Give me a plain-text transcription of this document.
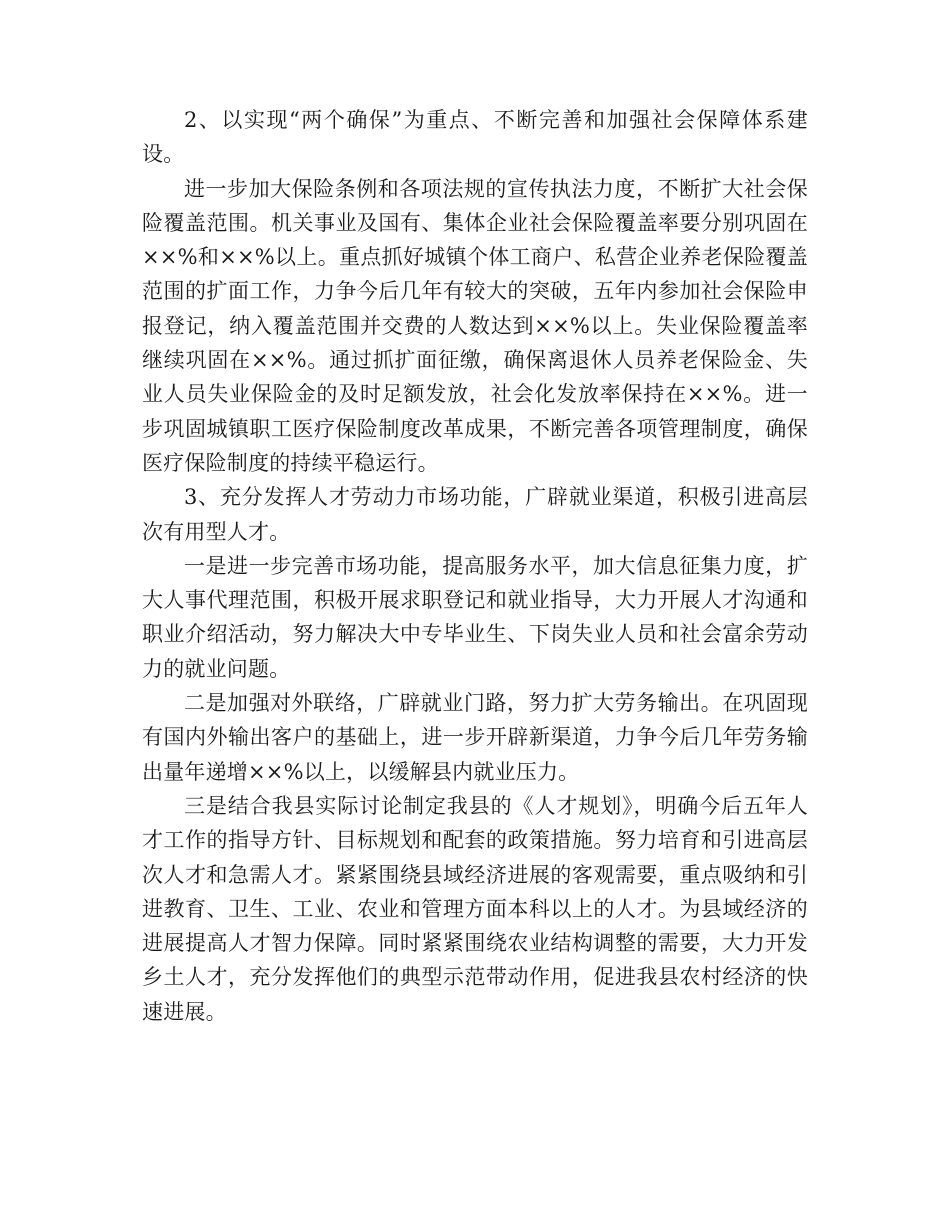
2、以实现“两个确保”为重点、不断完善和加强社会保障体系建设。

进一步加大保险条例和各项法规的宣传执法力度，不断扩大社会保险覆盖范围。机关事业及国有、集体企业社会保险覆盖率要分别巩固在××%和××%以上。重点抓好城镇个体工商户、私营企业养老保险覆盖范围的扩面工作，力争今后几年有较大的突破，五年内参加社会保险申报登记，纳入覆盖范围并交费的人数达到××%以上。失业保险覆盖率继续巩固在××%。通过抓扩面征缴，确保离退休人员养老保险金、失业人员失业保险金的及时足额发放，社会化发放率保持在××%。进一步巩固城镇职工医疗保险制度改革成果，不断完善各项管理制度，确保医疗保险制度的持续平稳运行。

3、充分发挥人才劳动力市场功能，广辟就业渠道，积极引进高层次有用型人才。

一是进一步完善市场功能，提高服务水平，加大信息征集力度，扩大人事代理范围，积极开展求职登记和就业指导，大力开展人才沟通和职业介绍活动，努力解决大中专毕业生、下岗失业人员和社会富余劳动力的就业问题。

二是加强对外联络，广辟就业门路，努力扩大劳务输出。在巩固现有国内外输出客户的基础上，进一步开辟新渠道，力争今后几年劳务输出量年递增××%以上，以缓解县内就业压力。

三是结合我县实际讨论制定我县的《人才规划》，明确今后五年人才工作的指导方针、目标规划和配套的政策措施。努力培育和引进高层次人才和急需人才。紧紧围绕县域经济进展的客观需要，重点吸纳和引进教育、卫生、工业、农业和管理方面本科以上的人才。为县域经济的进展提高人才智力保障。同时紧紧围绕农业结构调整的需要，大力开发乡土人才，充分发挥他们的典型示范带动作用，促进我县农村经济的快速进展。
